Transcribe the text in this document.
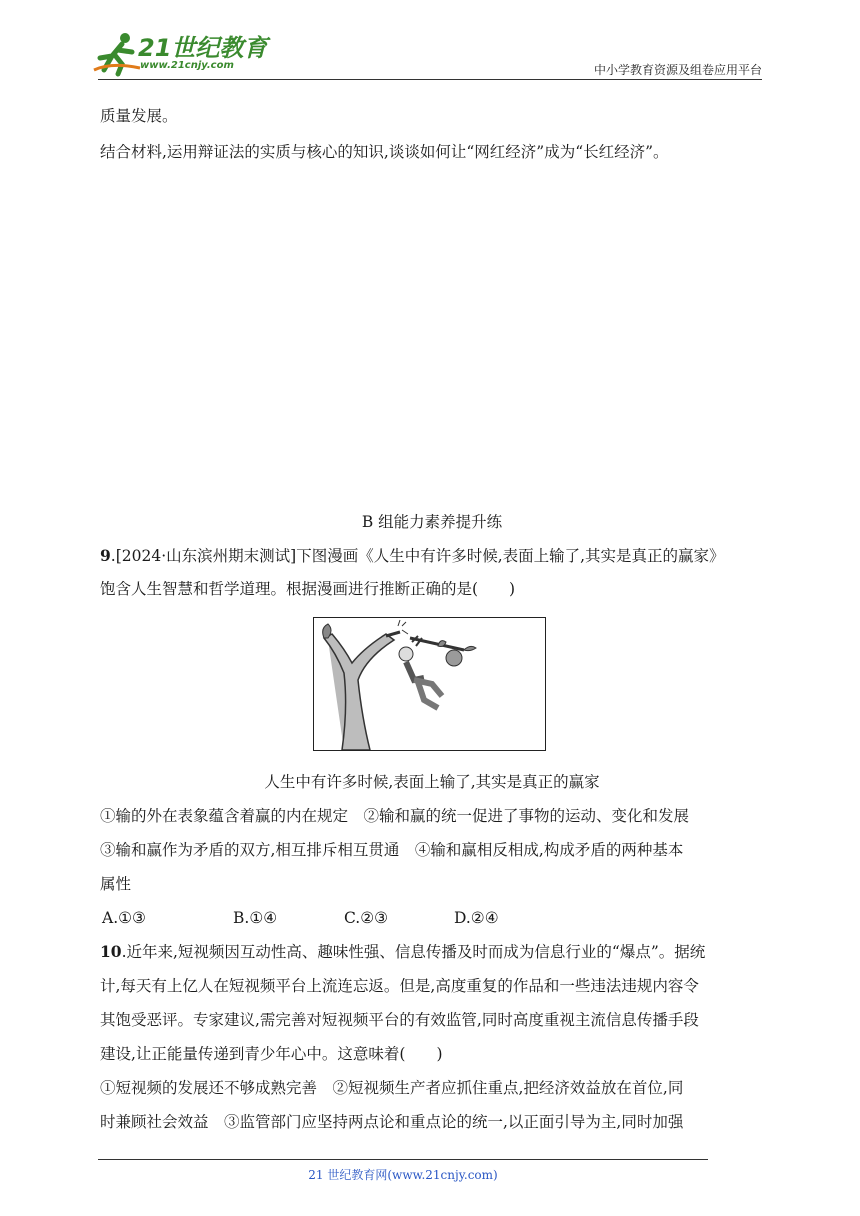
21世纪教育
www.21cnjy.com	中小学教育资源及组卷应用平台
质量发展。
结合材料,运用辩证法的实质与核心的知识,谈谈如何让“网红经济”成为“长红经济”。
B 组能力素养提升练
9.[2024·山东滨州期末测试]下图漫画《人生中有许多时候,表面上输了,其实是真正的赢家》
饱含人生智慧和哲学道理。根据漫画进行推断正确的是(　　)
人生中有许多时候,表面上输了,其实是真正的赢家
①输的外在表象蕴含着赢的内在规定　②输和赢的统一促进了事物的运动、变化和发展
③输和赢作为矛盾的双方,相互排斥相互贯通　④输和赢相反相成,构成矛盾的两种基本
属性
A.①③	B.①④	C.②③	D.②④
10.近年来,短视频因互动性高、趣味性强、信息传播及时而成为信息行业的“爆点”。据统
计,每天有上亿人在短视频平台上流连忘返。但是,高度重复的作品和一些违法违规内容令
其饱受恶评。专家建议,需完善对短视频平台的有效监管,同时高度重视主流信息传播手段
建设,让正能量传递到青少年心中。这意味着(　　)
①短视频的发展还不够成熟完善　②短视频生产者应抓住重点,把经济效益放在首位,同
时兼顾社会效益　③监管部门应坚持两点论和重点论的统一,以正面引导为主,同时加强
21 世纪教育网(www.21cnjy.com)
